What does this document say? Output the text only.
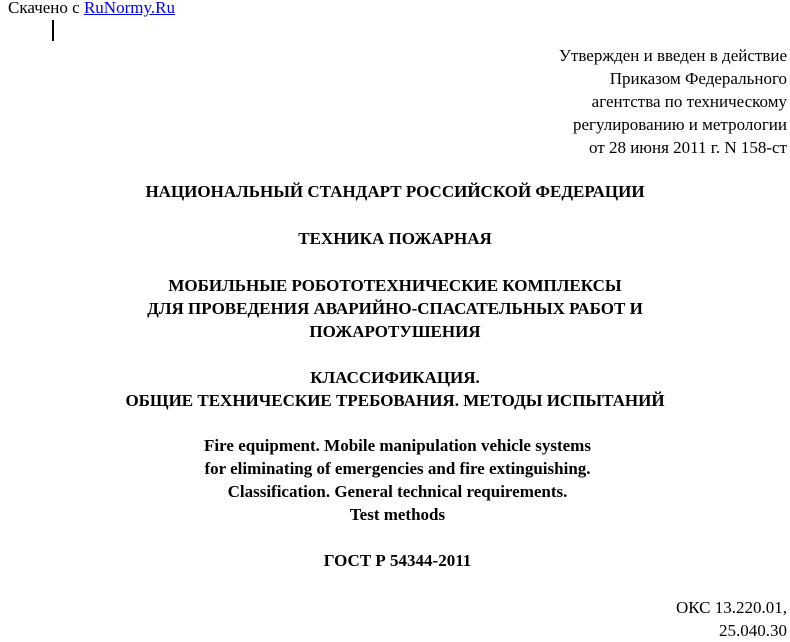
Скачено с RuNormy.Ru
Утвержден и введен в действие
Приказом Федерального
агентства по техническому
регулированию и метрологии
от 28 июня 2011 г. N 158-ст
НАЦИОНАЛЬНЫЙ СТАНДАРТ РОССИЙСКОЙ ФЕДЕРАЦИИ
ТЕХНИКА ПОЖАРНАЯ
МОБИЛЬНЫЕ РОБОТОТЕХНИЧЕСКИЕ КОМПЛЕКСЫ
ДЛЯ ПРОВЕДЕНИЯ АВАРИЙНО-СПАСАТЕЛЬНЫХ РАБОТ И
ПОЖАРОТУШЕНИЯ
КЛАССИФИКАЦИЯ.
ОБЩИЕ ТЕХНИЧЕСКИЕ ТРЕБОВАНИЯ. МЕТОДЫ ИСПЫТАНИЙ
Fire equipment. Mobile manipulation vehicle systems
for eliminating of emergencies and fire extinguishing.
Classification. General technical requirements.
Test methods
ГОСТ Р 54344-2011
ОКС 13.220.01,
25.040.30
